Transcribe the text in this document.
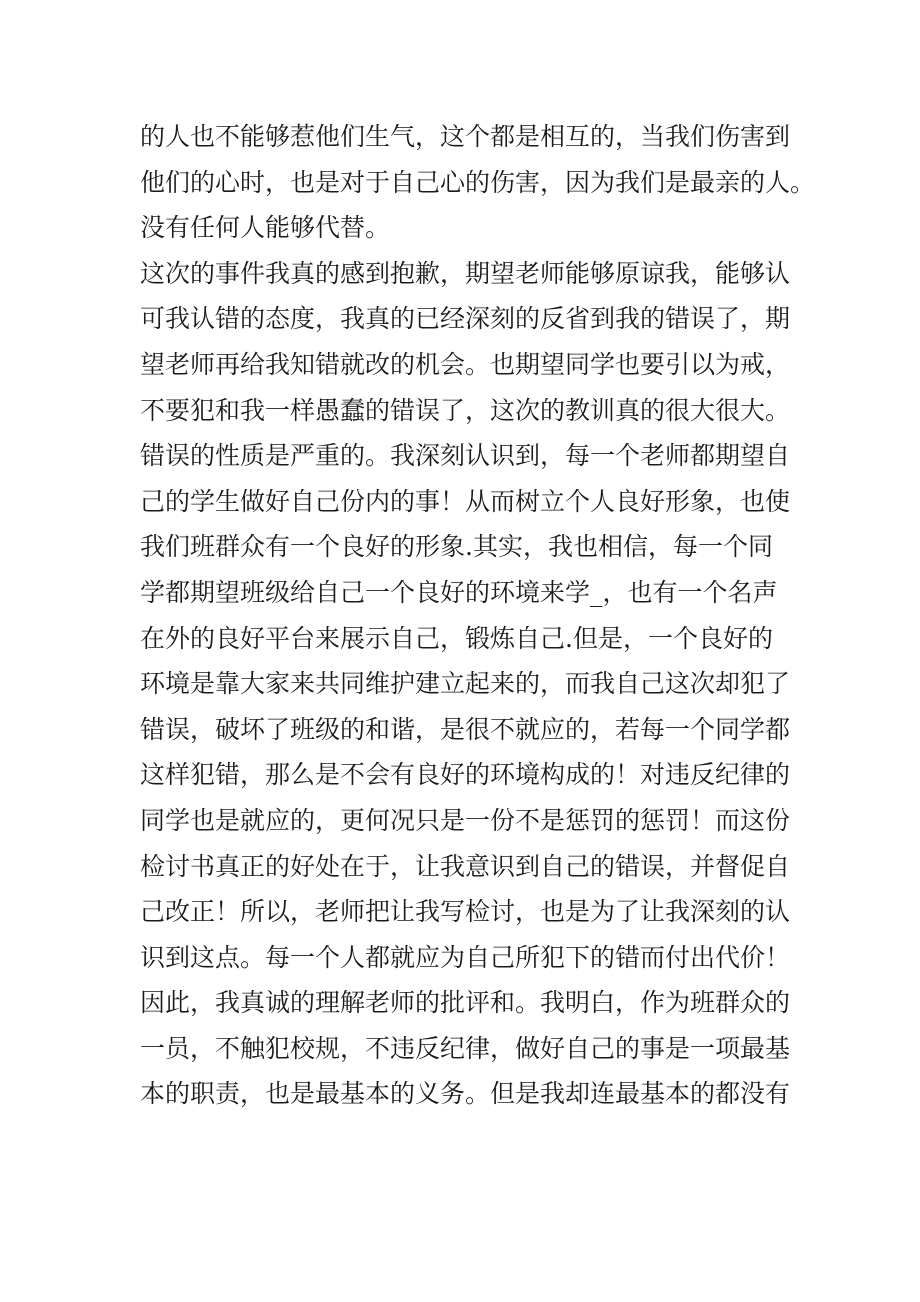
的人也不能够惹他们生气，这个都是相互的，当我们伤害到
他们的心时，也是对于自己心的伤害，因为我们是最亲的人。
没有任何人能够代替。
这次的事件我真的感到抱歉，期望老师能够原谅我，能够认
可我认错的态度，我真的已经深刻的反省到我的错误了，期
望老师再给我知错就改的机会。也期望同学也要引以为戒，
不要犯和我一样愚蠢的错误了，这次的教训真的很大很大。
错误的性质是严重的。我深刻认识到，每一个老师都期望自
己的学生做好自己份内的事！从而树立个人良好形象，也使
我们班群众有一个良好的形象.其实，我也相信，每一个同
学都期望班级给自己一个良好的环境来学_，也有一个名声
在外的良好平台来展示自己，锻炼自己.但是，一个良好的
环境是靠大家来共同维护建立起来的，而我自己这次却犯了
错误，破坏了班级的和谐，是很不就应的，若每一个同学都
这样犯错，那么是不会有良好的环境构成的！对违反纪律的
同学也是就应的，更何况只是一份不是惩罚的惩罚！而这份
检讨书真正的好处在于，让我意识到自己的错误，并督促自
己改正！所以，老师把让我写检讨，也是为了让我深刻的认
识到这点。每一个人都就应为自己所犯下的错而付出代价！
因此，我真诚的理解老师的批评和。我明白，作为班群众的
一员，不触犯校规，不违反纪律，做好自己的事是一项最基
本的职责，也是最基本的义务。但是我却连最基本的都没有
